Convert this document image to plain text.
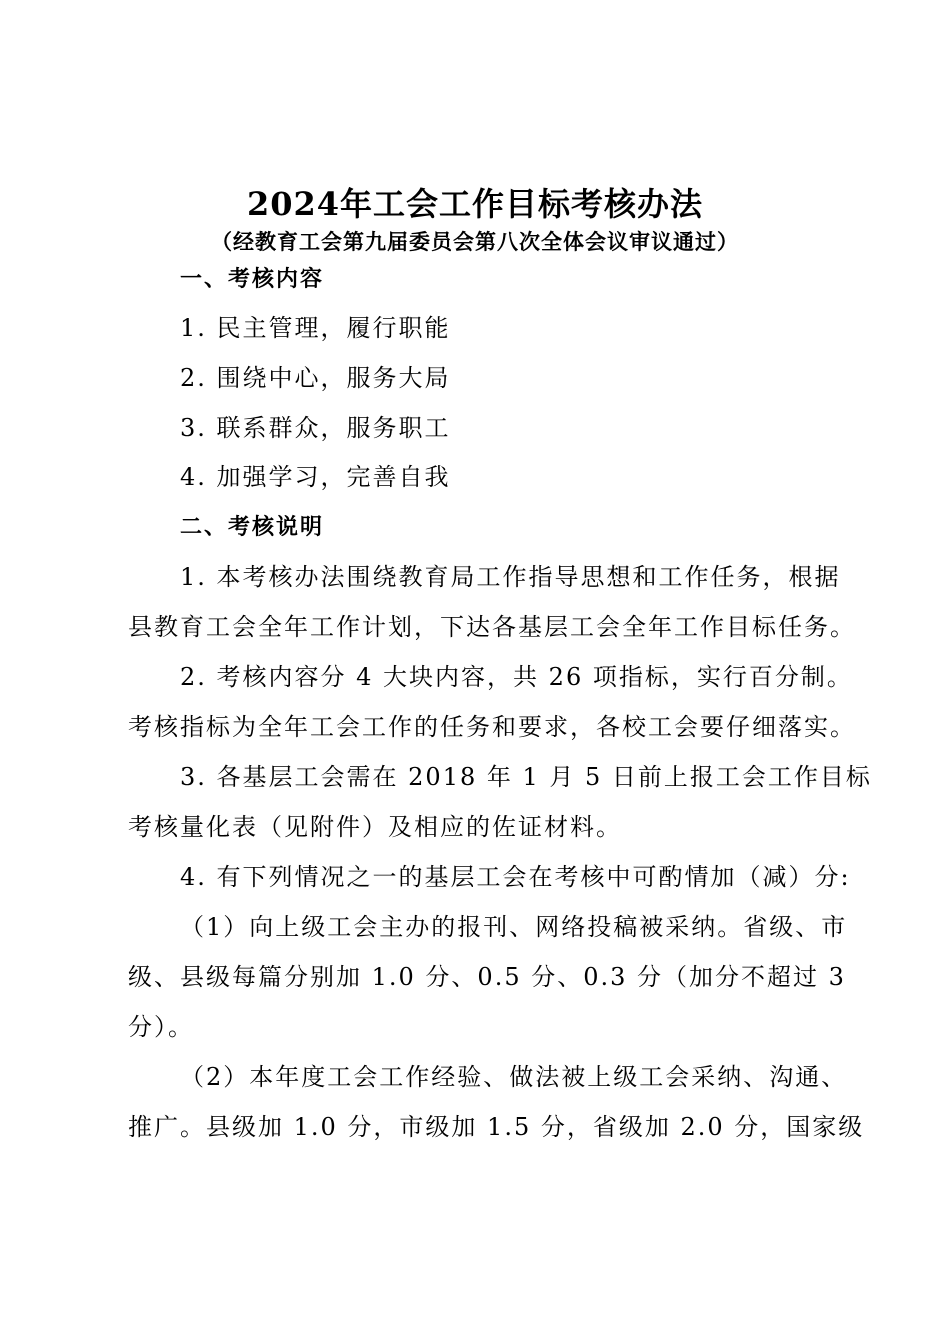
2024年工会工作目标考核办法
（经教育工会第九届委员会第八次全体会议审议通过）
一、考核内容
1. 民主管理，履行职能
2. 围绕中心，服务大局
3. 联系群众，服务职工
4. 加强学习，完善自我
二、考核说明
1. 本考核办法围绕教育局工作指导思想和工作任务，根据
县教育工会全年工作计划，下达各基层工会全年工作目标任务。
2. 考核内容分 4 大块内容，共 26 项指标，实行百分制。
考核指标为全年工会工作的任务和要求，各校工会要仔细落实。
3. 各基层工会需在 2018 年 1 月 5 日前上报工会工作目标
考核量化表（见附件）及相应的佐证材料。
4. 有下列情况之一的基层工会在考核中可酌情加（减）分:
（1）向上级工会主办的报刊、网络投稿被采纳。省级、市
级、县级每篇分别加 1.0 分、0.5 分、0.3 分（加分不超过 3
分）。
（2）本年度工会工作经验、做法被上级工会采纳、沟通、
推广。县级加 1.0 分，市级加 1.5 分，省级加 2.0 分，国家级
